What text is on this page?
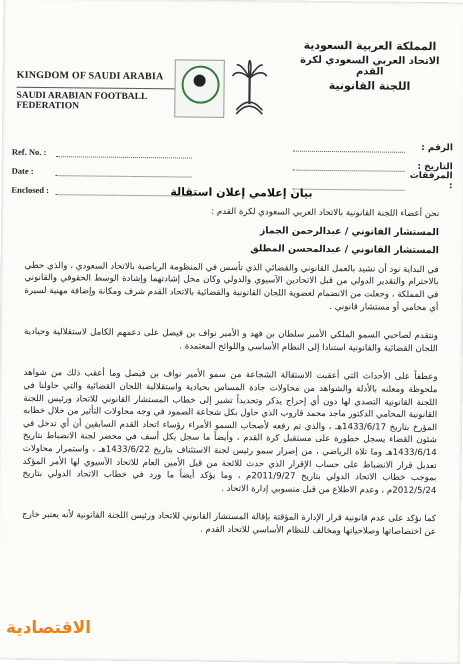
KINGDOM OF SAUDI ARABIA
SAUDI ARABIAN FOOTBALL FEDERATION
المملكة العربية السعودية
الاتحاد العربي السعودي لكرة القدم
اللجنة القانونية
Ref. No. :
Date :
Enclosed :
الرقم :
التاريخ :
المرفقات :
بيان إعلامي إعلان استقالة

نحن أعضاء اللجنة القانونية بالاتحاد العربي السعودي لكرة القدم :

المستشار القانوني / عبدالرحمن الجماز

المستشار القانوني / عبدالمحسن المطلق

في البداية نود أن نشيد بالعمل القانوني والقضائي الذي تأسس في المنظومة الرياضية بالاتحاد السعودي ، والذي حظي بالاحترام والتقدير الدولي من قبل الاتحادين الآسيوي والدولي وكان محل إشادتهما وإشادة الوسط الحقوقي والقانوني في المملكة ، وجعلت من الانضمام لعضوية اللجان القانونية والقضائية بالاتحاد القدم شرف ومكانة وإضافة مهنية لسيرة أي محامي أو مستشار قانوني .

ونتقدم لصاحبي السمو الملكي الأمير سلطان بن فهد و الأمير نواف بن فيصل على دعمهم الكامل لاستقلالية وحيادية اللجان القضائية والقانونية استنادا إلى النظام الأساسي واللوائح المعتمدة .

وعطفاً على الأحداث التي أعقبت الاستقالة الشجاعة من سمو الأمير نواف بن فيصل وما أعقب ذلك من شواهد ملحوظة ومعلنه بالأدلة والشواهد من محاولات جادة المساس بحيادية واستقلالية اللجان القضائية والتي حاولنا في اللجنة القانونية التصدي لها دون أي إحراج يذكر وتحديداً تشير إلى خطاب المستشار القانوني للاتحاد ورئيس اللجنة القانونية المحامي الدكتور ماجد محمد قاروب الذي حاول بكل شجاعة الصمود في وجه محاولات التأثير من خلال خطابه المؤرخ بتاريخ 1433/6/17هـ ، والذي تم رفعه لأصحاب السمو الأمراء رؤساء اتحاد القدم السابقين أن أي تدخل في شئون القضاء يسجل خطورة على مستقبل كرة القدم ، وأيضاً ما سجل بكل أسف في محضر لجنة الانضباط بتاريخ 1433/6/14هـ وما تلاه الرياضي ، من إصرار سمو رئيس لجنة الاستئناف بتاريخ 1433/6/22هـ ، واستمرار محاولات تعديل قرار الانضباط على حساب الإقرار الذي حدث للائحة من قبل الأمين العام للاتحاد الآسيوي لها الأمر المؤكد بموجب خطاب الاتحاد الدولي بتاريخ 2011/9/27م ، وما يؤكد أيضاً ما ورد في خطاب الاتحاد الدولي بتاريخ 2012/5/24م ، وعدم الاطلاع من قبل منسوبي إدارة الاتحاد .

كما نؤكد على عدم قانونية قرار الإدارة المؤقتة بإقالة المستشار القانوني للاتحاد ورئيس اللجنة القانونية لأنه يعتبر خارج عن اختصاصاتها وصلاحياتها ومخالف للنظام الأساسي للاتحاد القدم .

الاقتصادية
